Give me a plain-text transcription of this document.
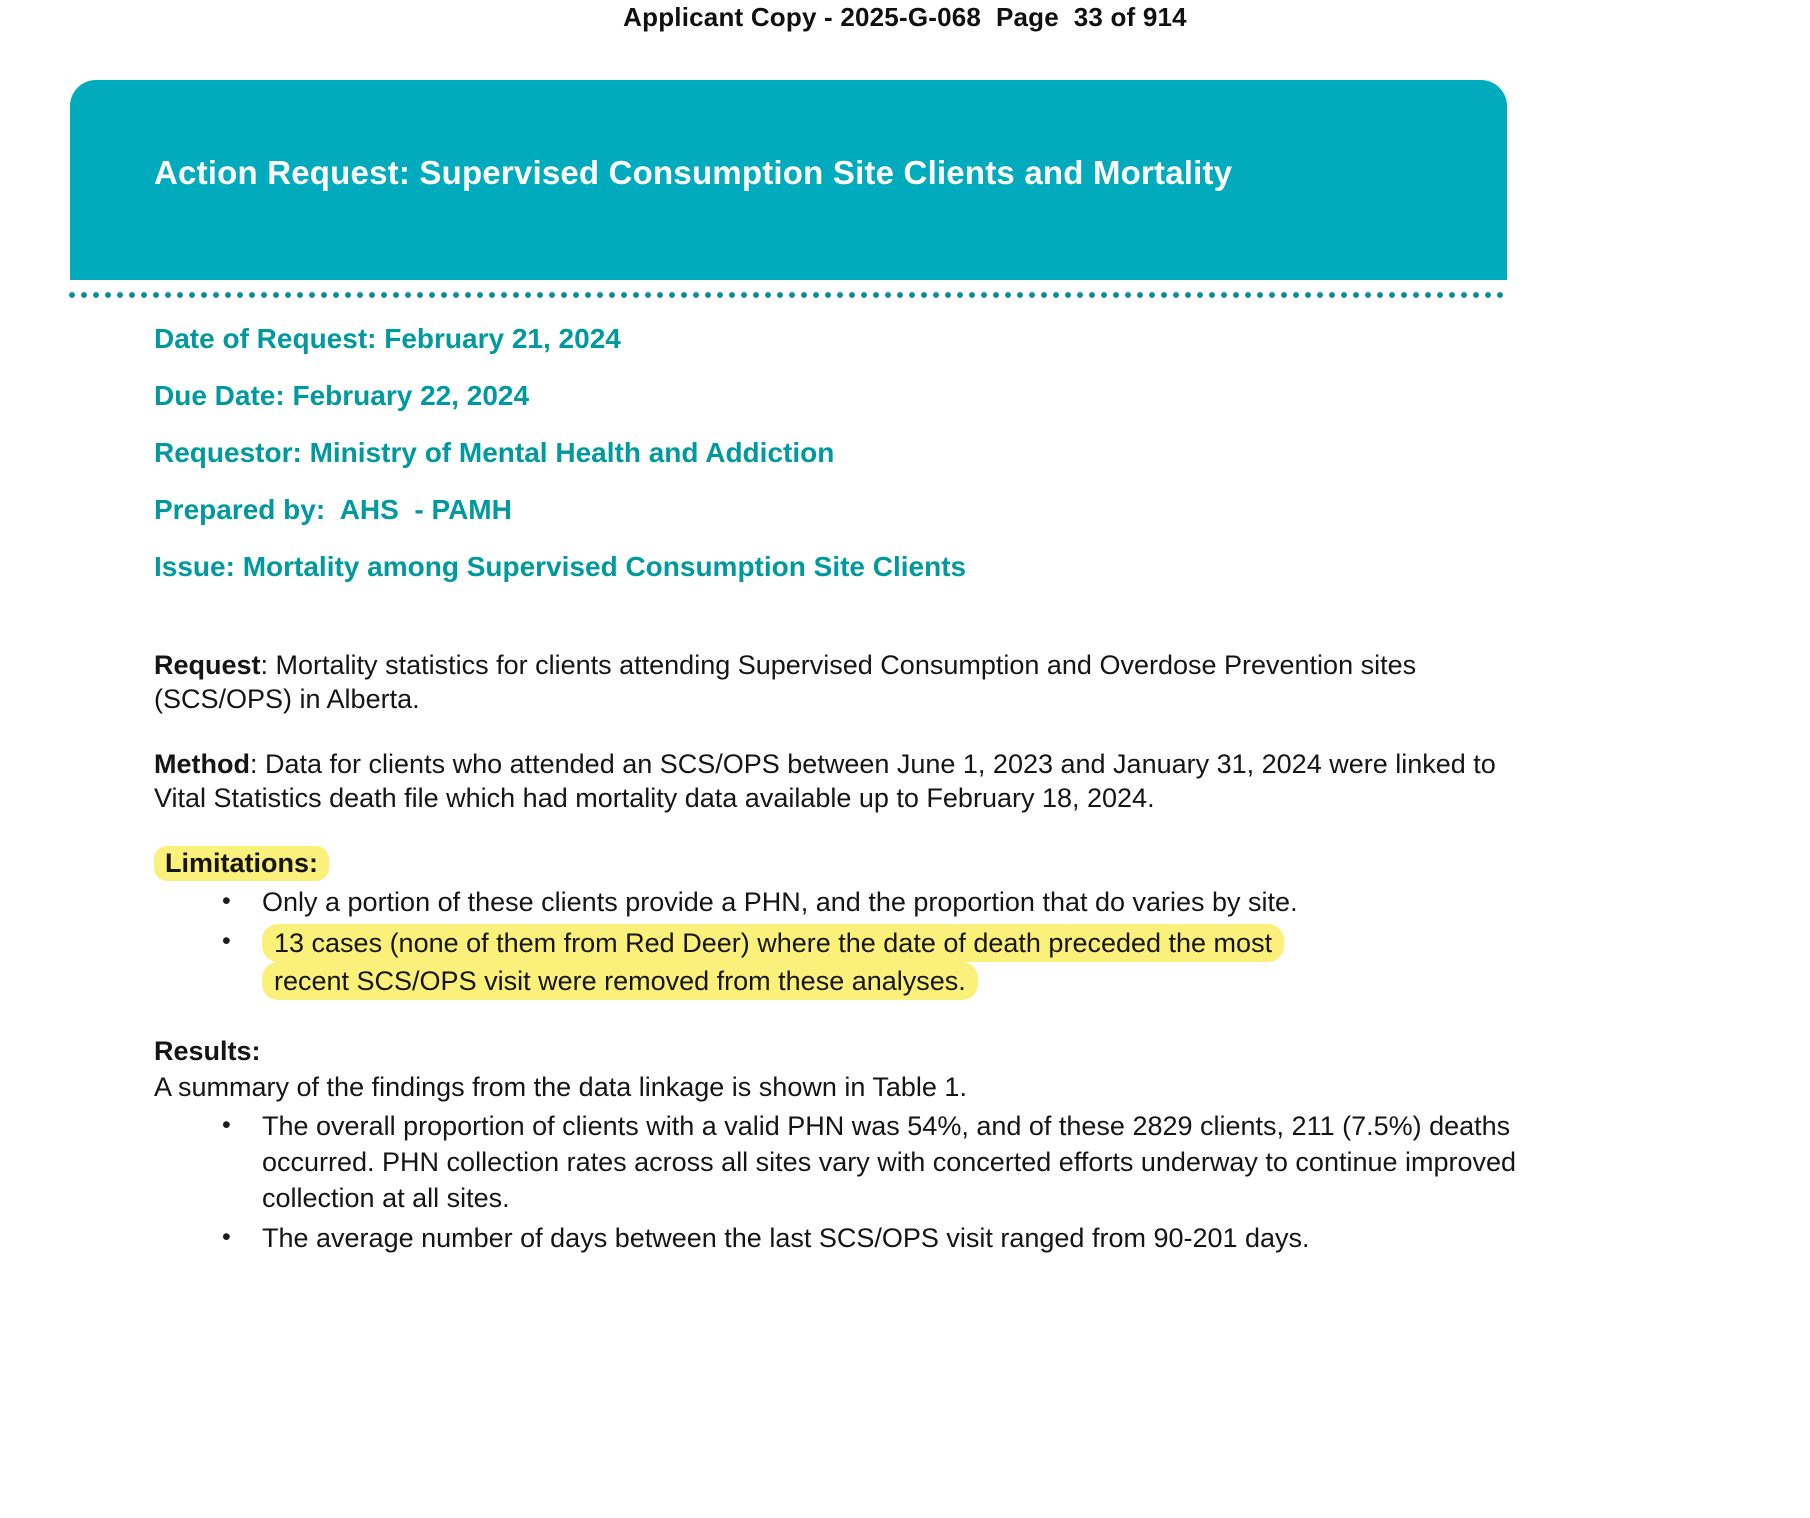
Applicant Copy - 2025-G-068  Page  33 of 914
Action Request: Supervised Consumption Site Clients and Mortality
Date of Request: February 21, 2024
Due Date: February 22, 2024
Requestor: Ministry of Mental Health and Addiction
Prepared by:  AHS  - PAMH
Issue: Mortality among Supervised Consumption Site Clients

Request: Mortality statistics for clients attending Supervised Consumption and Overdose Prevention sites (SCS/OPS) in Alberta.

Method: Data for clients who attended an SCS/OPS between June 1, 2023 and January 31, 2024 were linked to Vital Statistics death file which had mortality data available up to February 18, 2024.

Limitations:
• Only a portion of these clients provide a PHN, and the proportion that do varies by site.
• 13 cases (none of them from Red Deer) where the date of death preceded the most
recent SCS/OPS visit were removed from these analyses.
Results:

A summary of the findings from the data linkage is shown in Table 1.

• The overall proportion of clients with a valid PHN was 54%, and of these 2829 clients, 211 (7.5%) deaths occurred. PHN collection rates across all sites vary with concerted efforts underway to continue improved collection at all sites.
• The average number of days between the last SCS/OPS visit ranged from 90-201 days.
